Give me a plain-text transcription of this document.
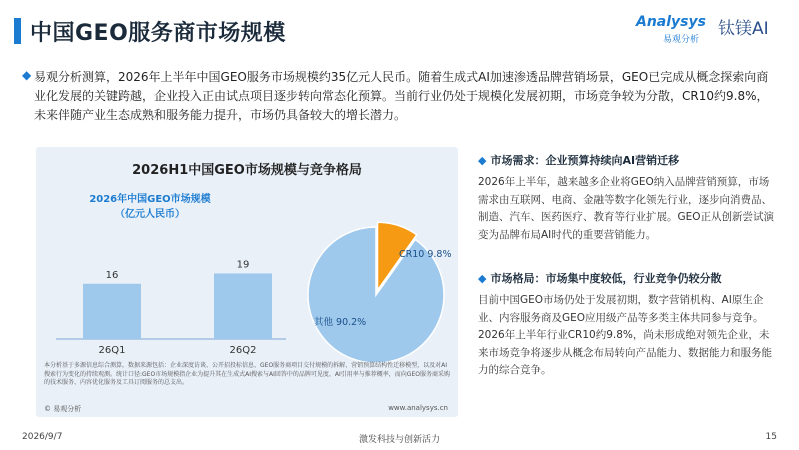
中国GEO服务商市场规模	Analysys
易观分析
钛镁AI
◆ 易观分析测算，2026年上半年中国GEO服务市场规模约35亿元人民币。随着生成式AI加速渗透品牌营销场景，GEO已完成从概念探索向商业化发展的关键跨越，企业投入正由试点项目逐步转向常态化预算。当前行业仍处于规模化发展初期，市场竞争较为分散，CR10约9.8%，未来伴随产业生态成熟和服务能力提升，市场仍具备较大的增长潜力。
2026H1中国GEO市场规模与竞争格局
2026年中国GEO市场规模
（亿元人民币）
16
26Q1
19
26Q2
CR10 9.8%
其他 90.2%
本分析基于多源信息综合测算，数据来源包括：企业深度访谈、公开招投标信息、GEO服务商项目交付规模的拆解、营销预算结构性迁移模型，以及对AI搜索行为变化的持续观测。统计口径:GEO市场规模指企业为提升其在生成式AI搜索与AI回答中的品牌可见度、AI引用率与推荐概率，而向GEO服务商采购的技术服务、内容优化服务及工具订阅服务的总支出。
© 易观分析	www.analysys.cn
◆ 市场需求：企业预算持续向AI营销迁移
2026年上半年，越来越多企业将GEO纳入品牌营销预算，市场需求由互联网、电商、金融等数字化领先行业，逐步向消费品、制造、汽车、医药医疗、教育等行业扩展。GEO正从创新尝试演变为品牌布局AI时代的重要营销能力。
◆ 市场格局：市场集中度较低，行业竞争仍较分散
目前中国GEO市场仍处于发展初期，数字营销机构、AI原生企业、内容服务商及GEO应用级产品等多类主体共同参与竞争。2026年上半年行业CR10约9.8%，尚未形成绝对领先企业，未来市场竞争将逐步从概念布局转向产品能力、数据能力和服务能力的综合竞争。
2026/9/7	激发科技与创新活力	15
